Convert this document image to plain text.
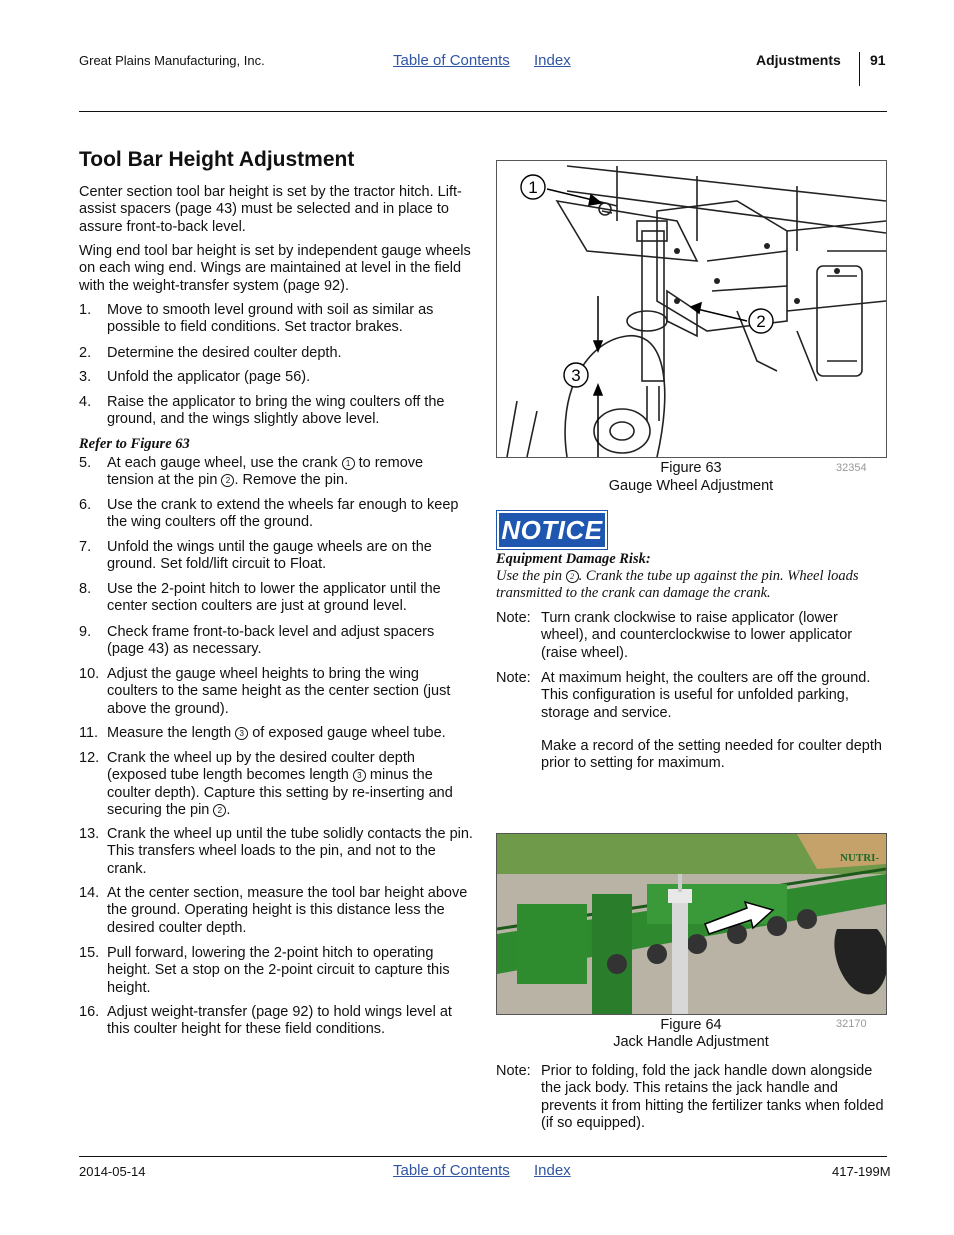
Great Plains Manufacturing, Inc.	Table of Contents Index	Adjustments 91
Tool Bar Height Adjustment
Center section tool bar height is set by the tractor hitch. Lift-assist spacers (page 43) must be selected and in place to assure front-to-back level.
Wing end tool bar height is set by independent gauge wheels on each wing end. Wings are maintained at level in the field with the weight-transfer system (page 92).
1. Move to smooth level ground with soil as similar as possible to field conditions. Set tractor brakes.
2. Determine the desired coulter depth.
3. Unfold the applicator (page 56).
4. Raise the applicator to bring the wing coulters off the ground, and the wings slightly above level.
Refer to Figure 63
5. At each gauge wheel, use the crank 1 to remove tension at the pin 2 . Remove the pin.
6. Use the crank to extend the wheels far enough to keep the wing coulters off the ground.
7. Unfold the wings until the gauge wheels are on the ground. Set fold/lift circuit to Float.
8. Use the 2-point hitch to lower the applicator until the center section coulters are just at ground level.
9. Check frame front-to-back level and adjust spacers (page 43) as necessary.
10. Adjust the gauge wheel heights to bring the wing coulters to the same height as the center section (just above the ground).
11. Measure the length 3 of exposed gauge wheel tube.
12. Crank the wheel up by the desired coulter depth (exposed tube length becomes length 3 minus the coulter depth). Capture this setting by re-inserting and securing the pin 2 .
13. Crank the wheel up until the tube solidly contacts the pin. This transfers wheel loads to the pin, and not to the crank.
14. At the center section, measure the tool bar height above the ground. Operating height is this distance less the desired coulter depth.
15. Pull forward, lowering the 2-point hitch to operating height. Set a stop on the 2-point circuit to capture this height.
16. Adjust weight-transfer (page 92) to hold wings level at this coulter height for these field conditions.
1
2
3
Figure 63
Gauge Wheel Adjustment
32354
NOTICE
Equipment Damage Risk:
Use the pin 2 . Crank the tube up against the pin. Wheel loads transmitted to the crank can damage the crank.
Note: Turn crank clockwise to raise applicator (lower wheel), and counterclockwise to lower applicator (raise wheel).
Note: At maximum height, the coulters are off the ground. This configuration is useful for unfolded parking, storage and service.
Make a record of the setting needed for coulter depth prior to setting for maximum.
NUTRI-
Figure 64
Jack Handle Adjustment
32170
Note: Prior to folding, fold the jack handle down alongside the jack body. This retains the jack handle and prevents it from hitting the fertilizer tanks when folded (if so equipped).
2014-05-14	Table of Contents Index	417-199M
